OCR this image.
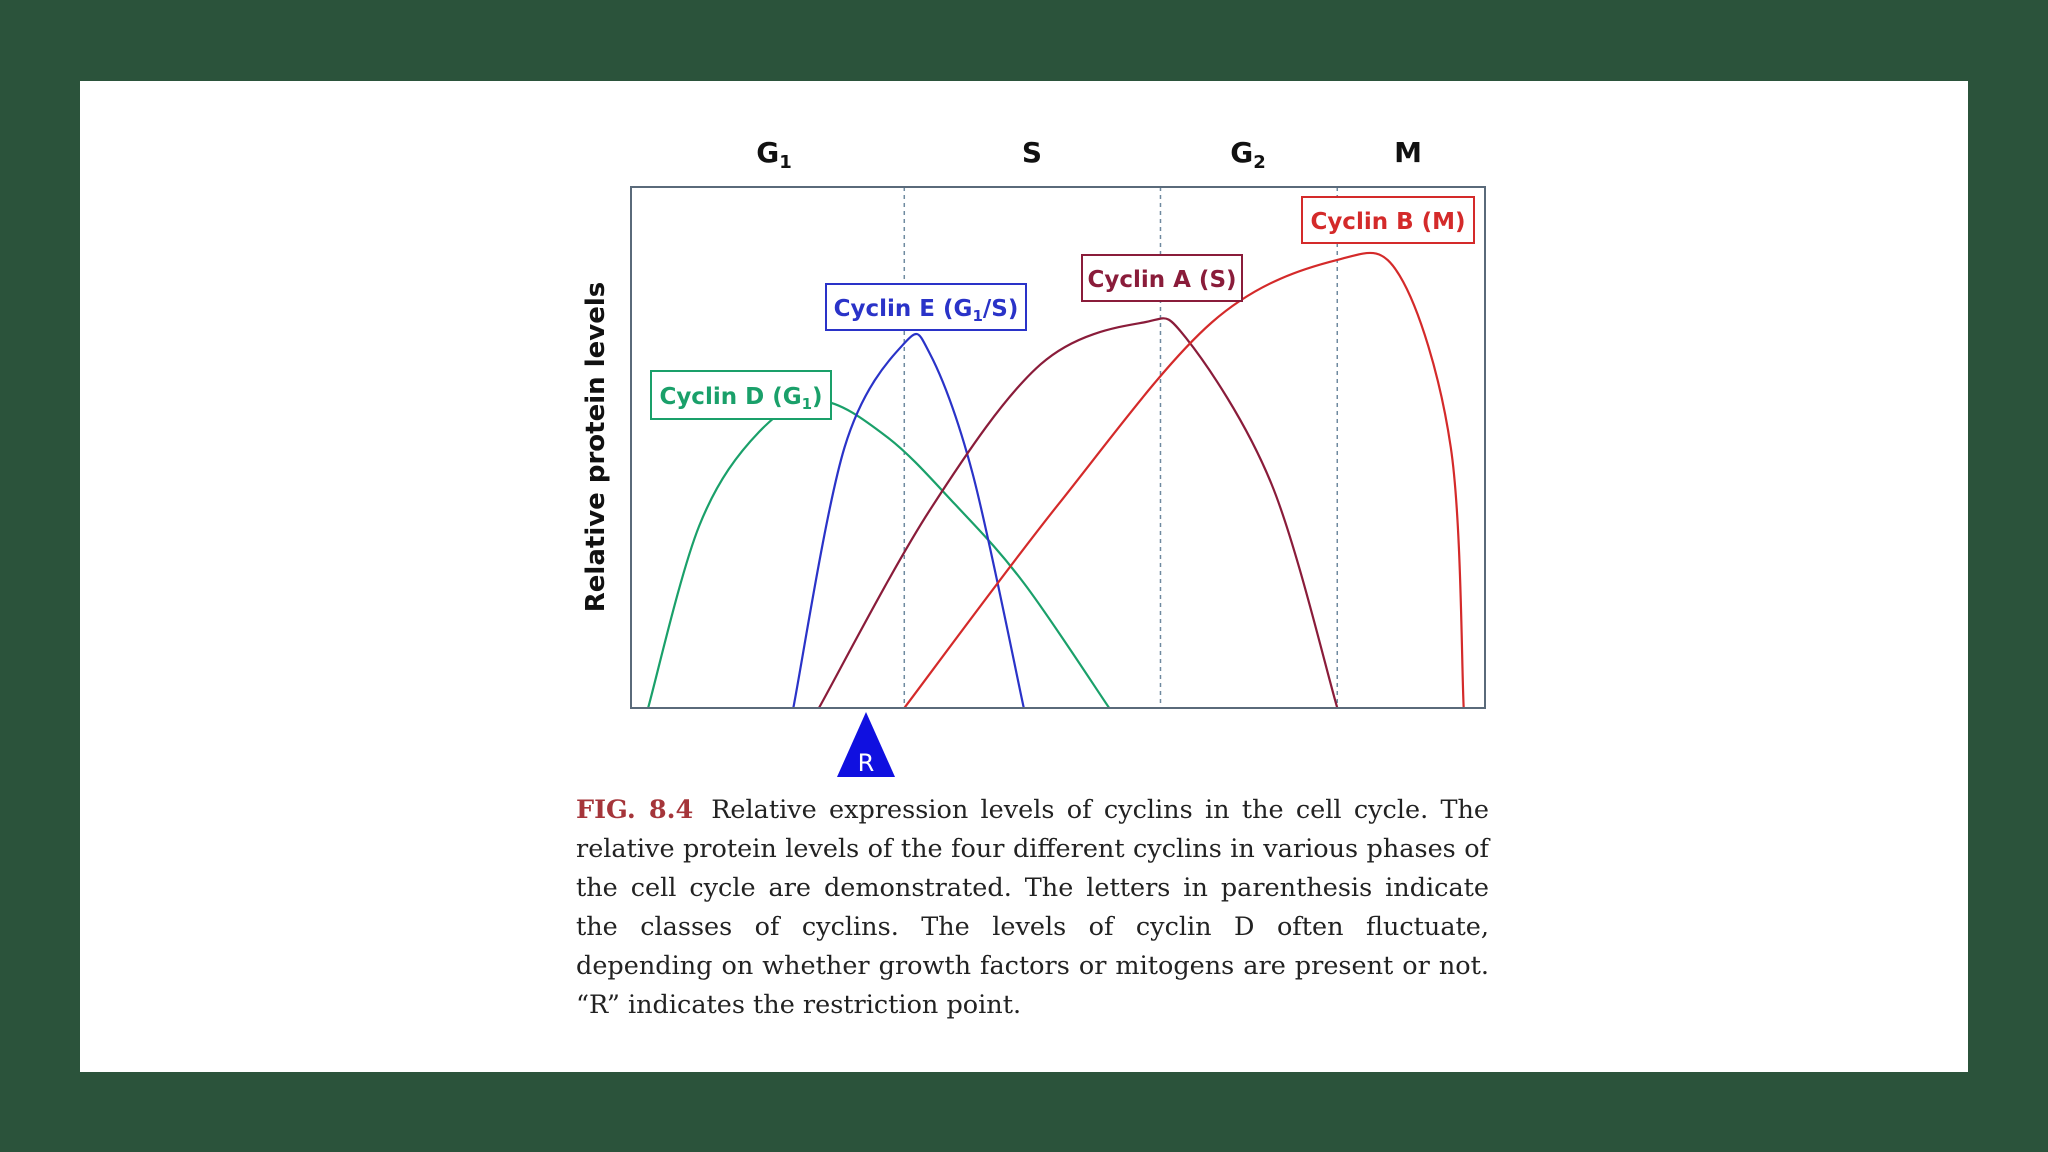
$G_1$	S	$G_2$	M
Relative protein levels Cyclin D $(G_1)$
Cyclin E $(G_1/S)$
Cyclin A (S)
Cyclin B (M)
R
FIG. 8.4 Relative expression levels of cyclins in the cell cycle. The relative protein levels of the four different cyclins in various phases of the cell cycle are demonstrated. The letters in parenthesis indicate the classes of cyclins. The levels of cyclin D often fluctuate, depending on whether growth factors or mitogens are present or not. “R” indicates the restriction point.
